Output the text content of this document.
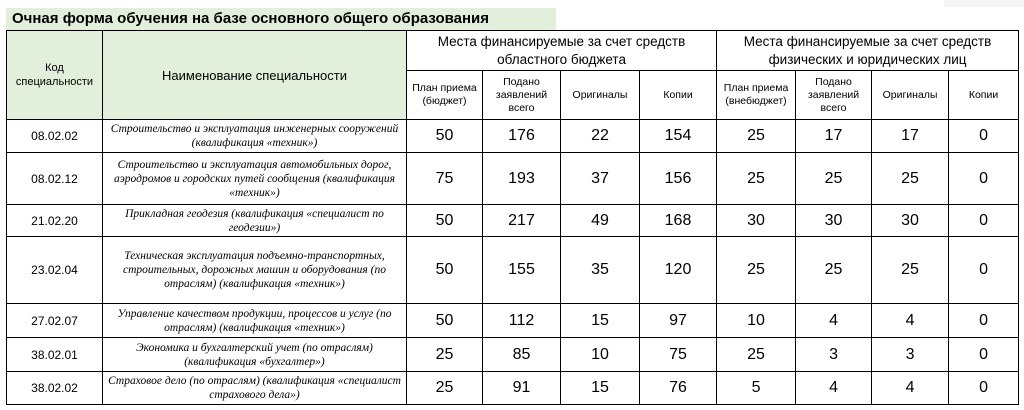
Очная форма обучения на базе основного общего образования
Код специальности	Наименование специальности	Места финансируемые за счет средств областного бюджета				Места финансируемые за счет средств физических и юридических лиц			
		План приема (бюджет)	Подано заявлений всего	Оригиналы	Копии	План приема (внебюджет)	Подано заявлений всего	Оригиналы	Копии
08.02.02	Строительство и эксплуатация инженерных сооружений (квалификация «техник»)	50	176	22	154	25	17	17	0
08.02.12	Строительство и эксплуатация автомобильных дорог, аэродромов и городских путей сообщения (квалификация «техник»)	75	193	37	156	25	25	25	0
21.02.20	Прикладная геодезия (квалификация «специалист по геодезии»)	50	217	49	168	30	30	30	0
23.02.04	Техническая эксплуатация подъемно-транспортных, строительных, дорожных машин и оборудования (по отраслям) (квалификация «техник»)	50	155	35	120	25	25	25	0
27.02.07	Управление качеством продукции, процессов и услуг (по отраслям) (квалификация «техник»)	50	112	15	97	10	4	4	0
38.02.01	Экономика и бухгалтерский учет (по отраслям) (квалификация «бухгалтер»)	25	85	10	75	25	3	3	0
38.02.02	Страховое дело (по отраслям) (квалификация «специалист страхового дела»)	25	91	15	76	5	4	4	0
